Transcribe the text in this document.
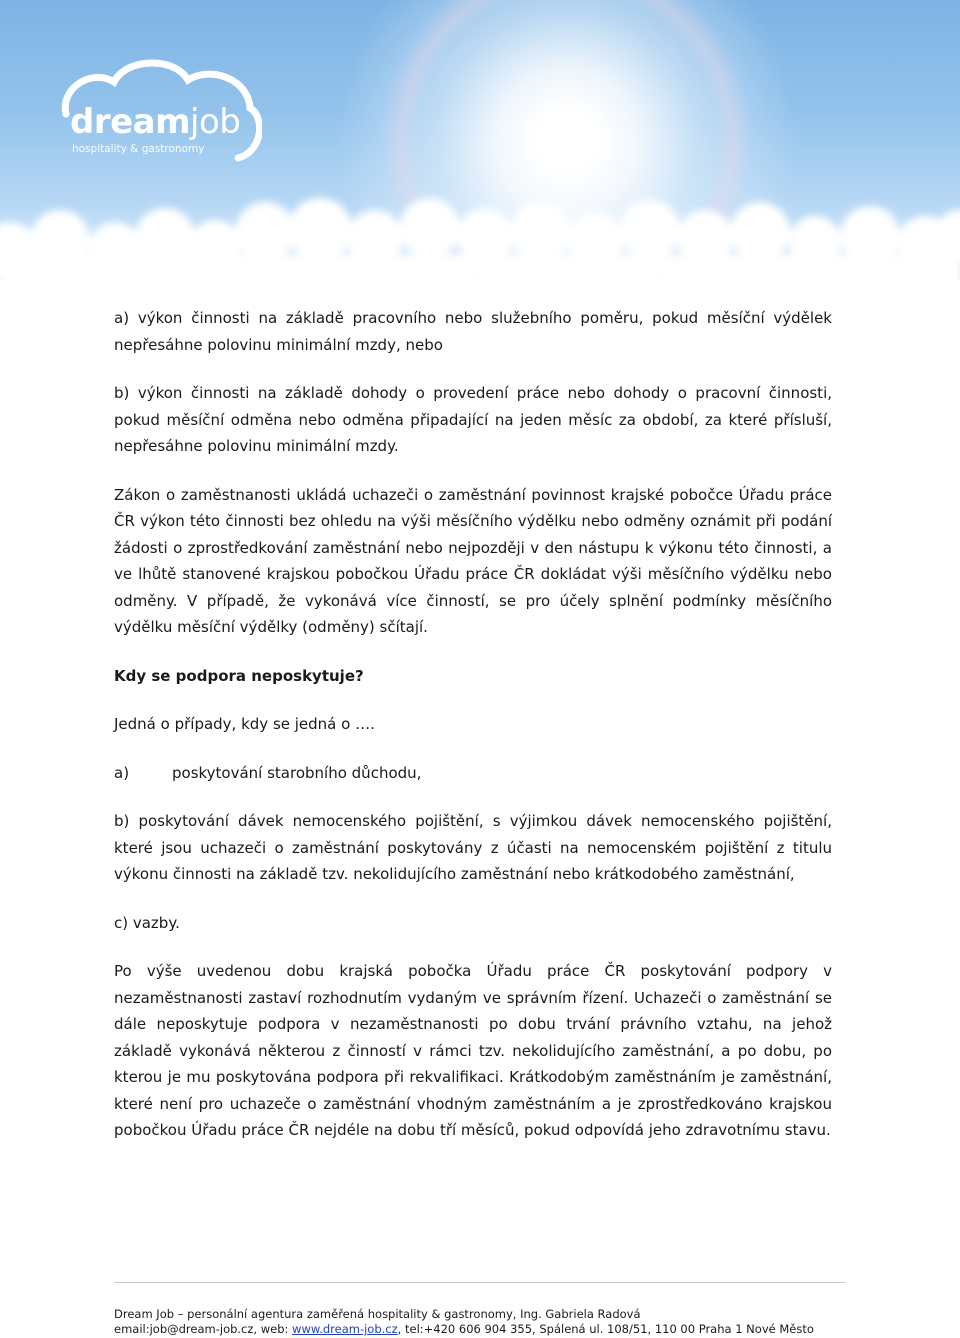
dreamjob
hospitality & gastronomy

a) výkon činnosti na základě pracovního nebo služebního poměru, pokud měsíční výdělek nepřesáhne polovinu minimální mzdy, nebo

b) výkon činnosti na základě dohody o provedení práce nebo dohody o pracovní činnosti, pokud měsíční odměna nebo odměna připadající na jeden měsíc za období, za které přísluší, nepřesáhne polovinu minimální mzdy.

Zákon o zaměstnanosti ukládá uchazeči o zaměstnání povinnost krajské pobočce Úřadu práce ČR výkon této činnosti bez ohledu na výši měsíčního výdělku nebo odměny oznámit při podání žádosti o zprostředkování zaměstnání nebo nejpozději v den nástupu k výkonu této činnosti, a ve lhůtě stanovené krajskou pobočkou Úřadu práce ČR dokládat výši měsíčního výdělku nebo odměny. V případě, že vykonává více činností, se pro účely splnění podmínky měsíčního výdělku měsíční výdělky (odměny) sčítají.

Kdy se podpora neposkytuje?

Jedná o případy, kdy se jedná o ….

a)	poskytování starobního důchodu,

b) poskytování dávek nemocenského pojištění, s výjimkou dávek nemocenského pojištění, které jsou uchazeči o zaměstnání poskytovány z účasti na nemocenském pojištění z titulu výkonu činnosti na základě tzv. nekolidujícího zaměstnání nebo krátkodobého zaměstnání,

c) vazby.

Po výše uvedenou dobu krajská pobočka Úřadu práce ČR poskytování podpory v nezaměstnanosti zastaví rozhodnutím vydaným ve správním řízení. Uchazeči o zaměstnání se dále neposkytuje podpora v nezaměstnanosti po dobu trvání právního vztahu, na jehož základě vykonává některou z činností v rámci tzv. nekolidujícího zaměstnání, a po dobu, po kterou je mu poskytována podpora při rekvalifikaci. Krátkodobým zaměstnáním je zaměstnání, které není pro uchazeče o zaměstnání vhodným zaměstnáním a je zprostředkováno krajskou pobočkou Úřadu práce ČR nejdéle na dobu tří měsíců, pokud odpovídá jeho zdravotnímu stavu.

Dream Job – personální agentura zaměřená hospitality & gastronomy, Ing. Gabriela Radová
email:job@dream-job.cz, web: www.dream-job.cz, tel:+420 606 904 355, Spálená ul. 108/51, 110 00 Praha 1 Nové Město
